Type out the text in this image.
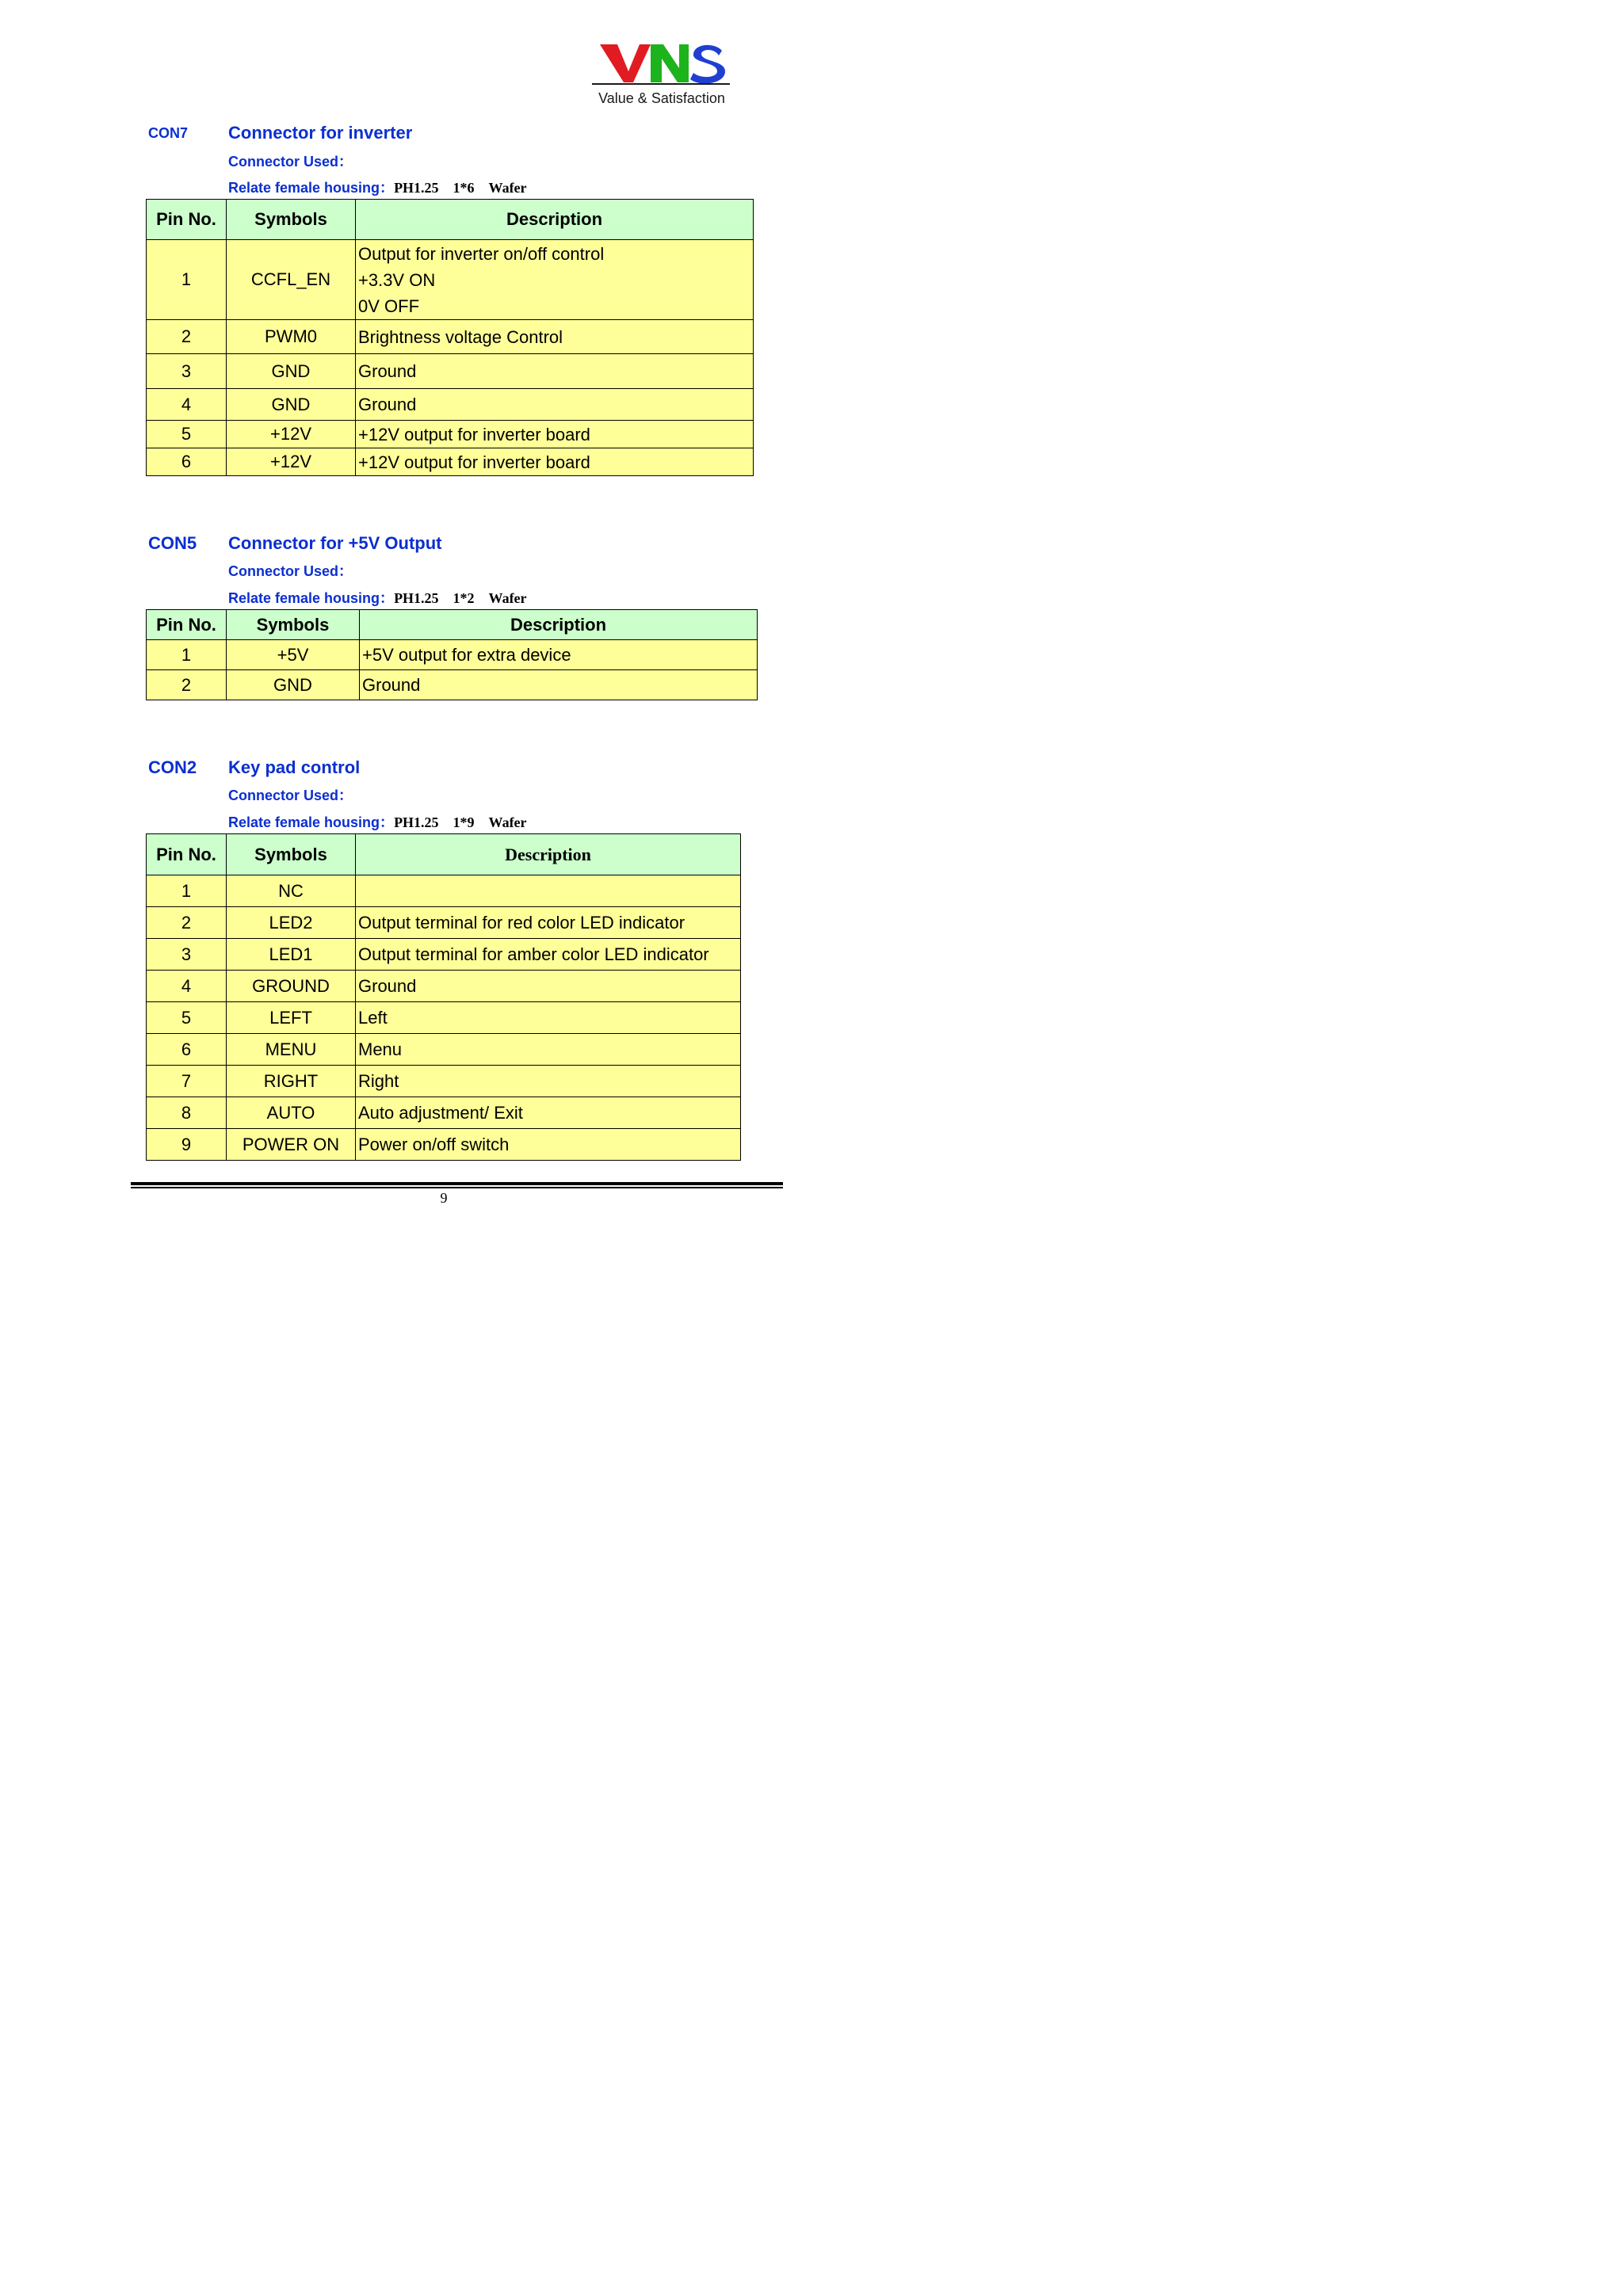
Value & Satisfaction
CON7 Connector for inverter
Connector Used：
Relate female housing：PH1.25    1*6    Wafer
Pin No.	Symbols	Description
1	CCFL_EN	Output for inverter on/off control
+3.3V ON
0V OFF

2	PWM0	Brightness voltage Control
3	GND	Ground
4	GND	Ground
5	+12V	+12V output for inverter board
6	+12V	+12V output for inverter board
CON5 Connector for +5V Output
Connector Used：
Relate female housing：PH1.25    1*2    Wafer
Pin No.	Symbols	Description
1	+5V	+5V output for extra device
2	GND	Ground
CON2 Key pad control
Connector Used：
Relate female housing：PH1.25    1*9    Wafer
Pin No.	Symbols	Description
1	NC	
2	LED2	Output terminal for red color LED indicator
3	LED1	Output terminal for amber color LED indicator
4	GROUND	Ground
5	LEFT	Left
6	MENU	Menu
7	RIGHT	Right
8	AUTO	Auto adjustment/ Exit
9	POWER ON	Power on/off switch
9
